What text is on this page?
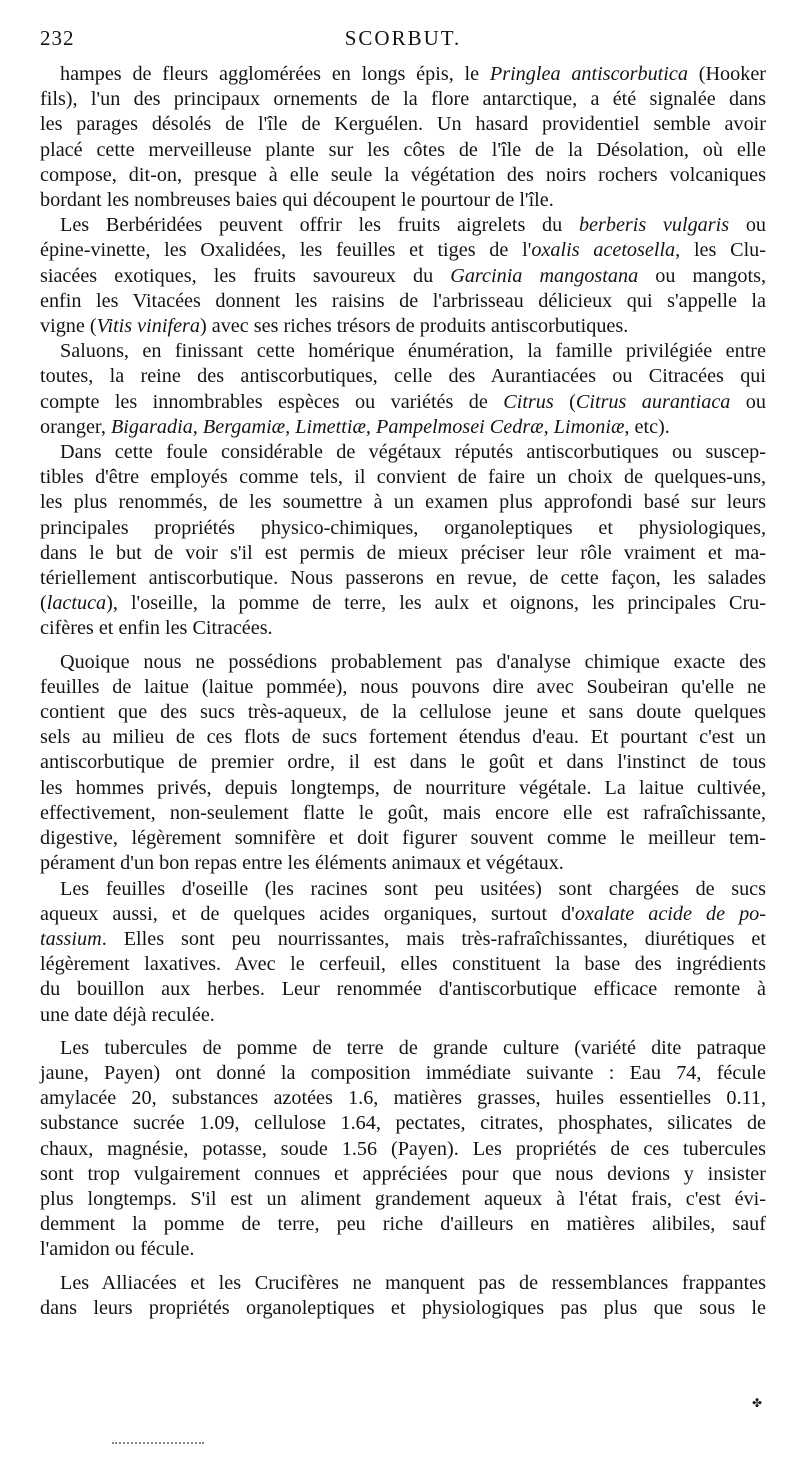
232	SCORBUT.
hampes de fleurs agglomérées en longs épis, le Pringlea antiscorbutica (Hooker
fils), l'un des principaux ornements de la flore antarctique, a été signalée dans
les parages désolés de l'île de Kerguélen. Un hasard providentiel semble avoir
placé cette merveilleuse plante sur les côtes de l'île de la Désolation, où elle
compose, dit-on, presque à elle seule la végétation des noirs rochers volcaniques
bordant les nombreuses baies qui découpent le pourtour de l'île.
Les Berbéridées peuvent offrir les fruits aigrelets du berberis vulgaris ou
épine-vinette, les Oxalidées, les feuilles et tiges de l'oxalis acetosella, les Clu-
siacées exotiques, les fruits savoureux du Garcinia mangostana ou mangots,
enfin les Vitacées donnent les raisins de l'arbrisseau délicieux qui s'appelle la
vigne (Vitis vinifera) avec ses riches trésors de produits antiscorbutiques.
Saluons, en finissant cette homérique énumération, la famille privilégiée entre
toutes, la reine des antiscorbutiques, celle des Aurantiacées ou Citracées qui
compte les innombrables espèces ou variétés de Citrus (Citrus aurantiaca ou
oranger, Bigaradia, Bergamiæ, Limettiæ, Pampelmosei Cedræ, Limoniæ, etc).
Dans cette foule considérable de végétaux réputés antiscorbutiques ou suscep-
tibles d'être employés comme tels, il convient de faire un choix de quelques-uns,
les plus renommés, de les soumettre à un examen plus approfondi basé sur leurs
principales propriétés physico-chimiques, organoleptiques et physiologiques,
dans le but de voir s'il est permis de mieux préciser leur rôle vraiment et ma-
tériellement antiscorbutique. Nous passerons en revue, de cette façon, les salades
(lactuca), l'oseille, la pomme de terre, les aulx et oignons, les principales Cru-
cifères et enfin les Citracées.
Quoique nous ne possédions probablement pas d'analyse chimique exacte des
feuilles de laitue (laitue pommée), nous pouvons dire avec Soubeiran qu'elle ne
contient que des sucs très-aqueux, de la cellulose jeune et sans doute quelques
sels au milieu de ces flots de sucs fortement étendus d'eau. Et pourtant c'est un
antiscorbutique de premier ordre, il est dans le goût et dans l'instinct de tous
les hommes privés, depuis longtemps, de nourriture végétale. La laitue cultivée,
effectivement, non-seulement flatte le goût, mais encore elle est rafraîchissante,
digestive, légèrement somnifère et doit figurer souvent comme le meilleur tem-
pérament d'un bon repas entre les éléments animaux et végétaux.
Les feuilles d'oseille (les racines sont peu usitées) sont chargées de sucs
aqueux aussi, et de quelques acides organiques, surtout d'oxalate acide de po-
tassium. Elles sont peu nourrissantes, mais très-rafraîchissantes, diurétiques et
légèrement laxatives. Avec le cerfeuil, elles constituent la base des ingrédients
du bouillon aux herbes. Leur renommée d'antiscorbutique efficace remonte à
une date déjà reculée.
Les tubercules de pomme de terre de grande culture (variété dite patraque
jaune, Payen) ont donné la composition immédiate suivante : Eau 74, fécule
amylacée 20, substances azotées 1.6, matières grasses, huiles essentielles 0.11,
substance sucrée 1.09, cellulose 1.64, pectates, citrates, phosphates, silicates de
chaux, magnésie, potasse, soude 1.56 (Payen). Les propriétés de ces tubercules
sont trop vulgairement connues et appréciées pour que nous devions y insister
plus longtemps. S'il est un aliment grandement aqueux à l'état frais, c'est évi-
demment la pomme de terre, peu riche d'ailleurs en matières alibiles, sauf
l'amidon ou fécule.
Les Alliacées et les Crucifères ne manquent pas de ressemblances frappantes
dans leurs propriétés organoleptiques et physiologiques pas plus que sous le
✤
